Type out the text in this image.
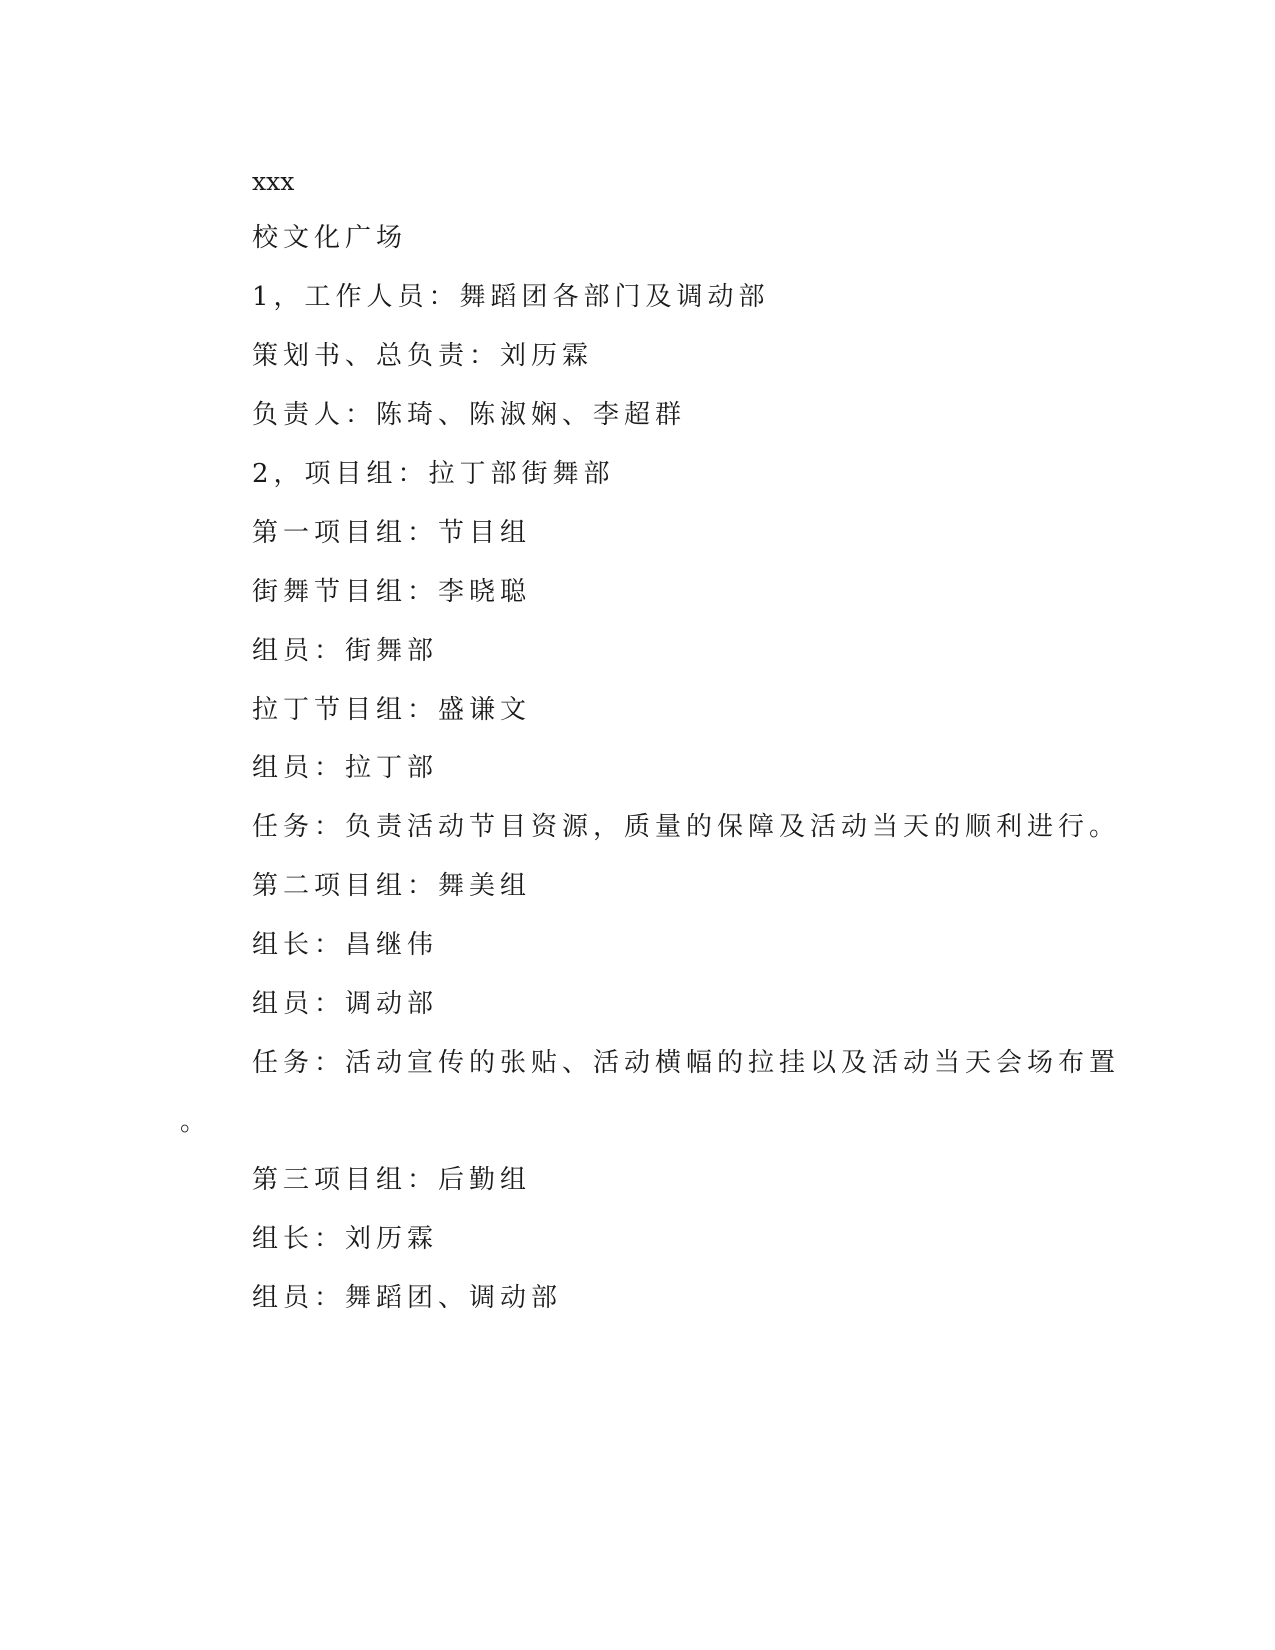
xxx
校文化广场
1，工作人员：舞蹈团各部门及调动部
策划书、总负责：刘历霖
负责人：陈琦、陈淑娴、李超群
2，项目组：拉丁部街舞部
第一项目组：节目组
街舞节目组：李晓聪
组员：街舞部
拉丁节目组：盛谦文
组员：拉丁部
任务：负责活动节目资源，质量的保障及活动当天的顺利进行。
第二项目组：舞美组
组长：昌继伟
组员：调动部
任务：活动宣传的张贴、活动横幅的拉挂以及活动当天会场布置
。
第三项目组：后勤组
组长：刘历霖
组员：舞蹈团、调动部
